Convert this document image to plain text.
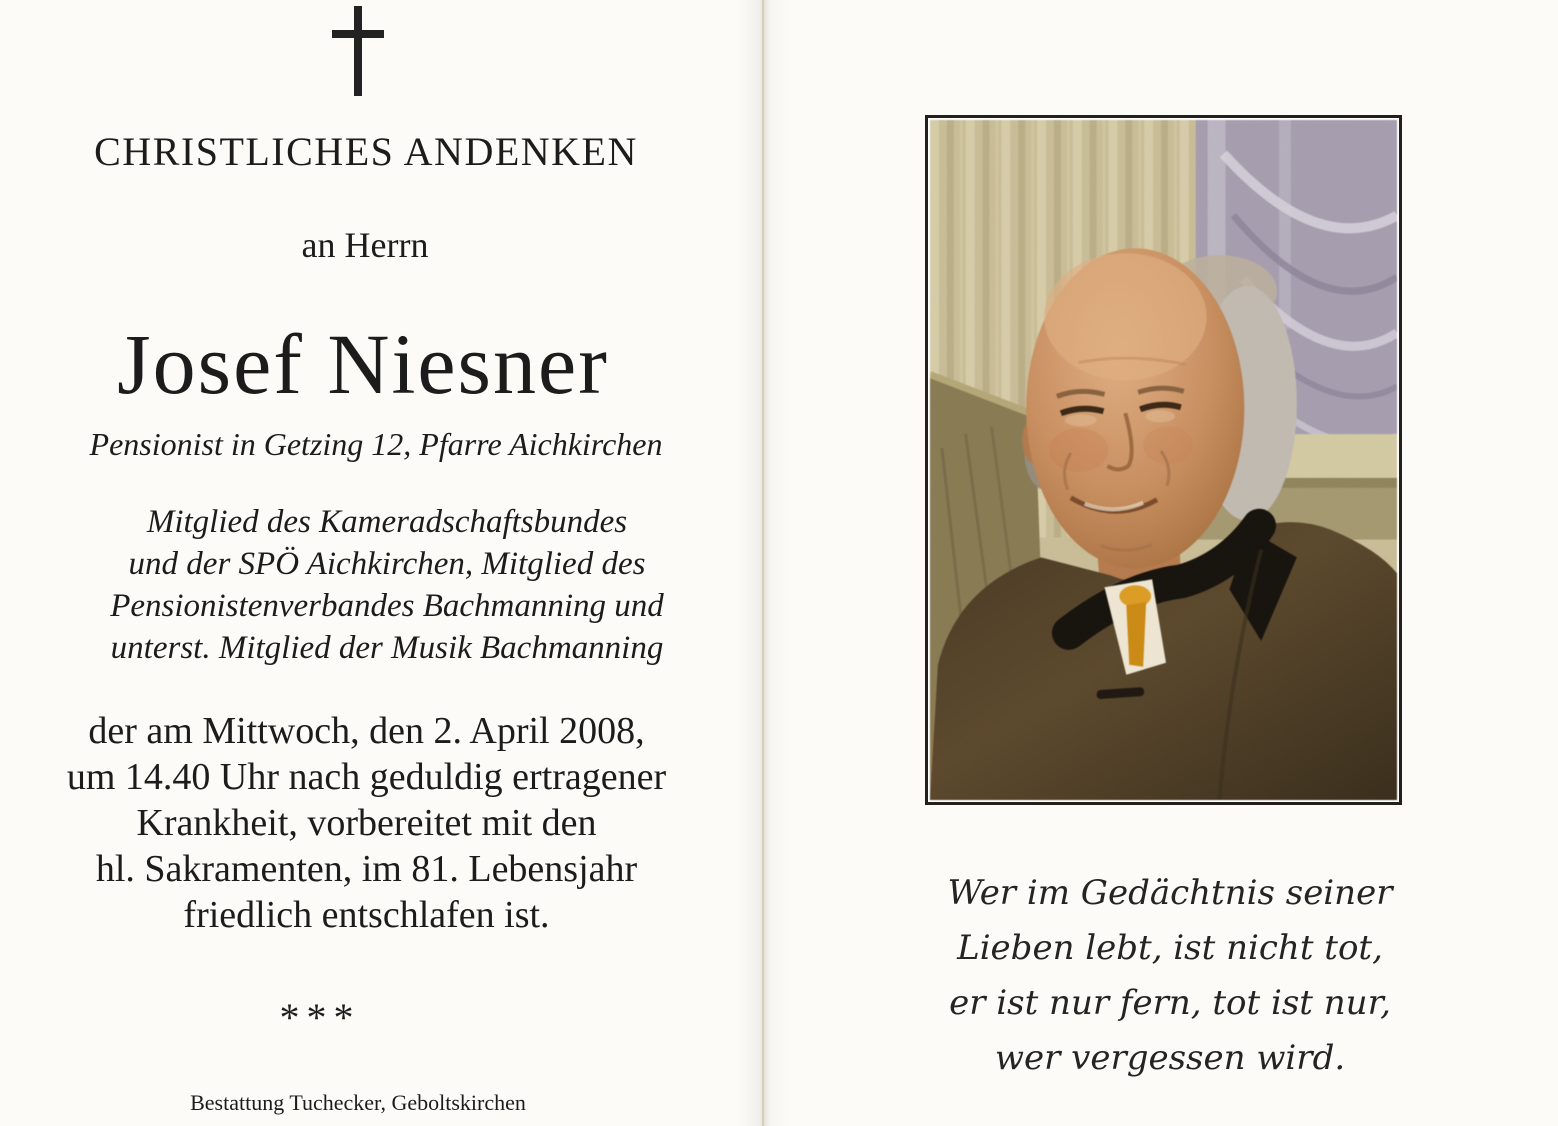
CHRISTLICHES ANDENKEN
an Herrn
Josef Niesner
Pensionist in Getzing 12, Pfarre Aichkirchen
Mitglied des Kameradschaftsbundes
und der SPÖ Aichkirchen, Mitglied des
Pensionistenverbandes Bachmanning und
unterst. Mitglied der Musik Bachmanning
der am Mittwoch, den 2. April 2008,
um 14.40 Uhr nach geduldig ertragener
Krankheit, vorbereitet mit den
hl. Sakramenten, im 81. Lebensjahr
friedlich entschlafen ist.
***
Bestattung Tuchecker, Geboltskirchen
Wer im Gedächtnis seiner
Lieben lebt, ist nicht tot,
er ist nur fern, tot ist nur,
wer vergessen wird.
